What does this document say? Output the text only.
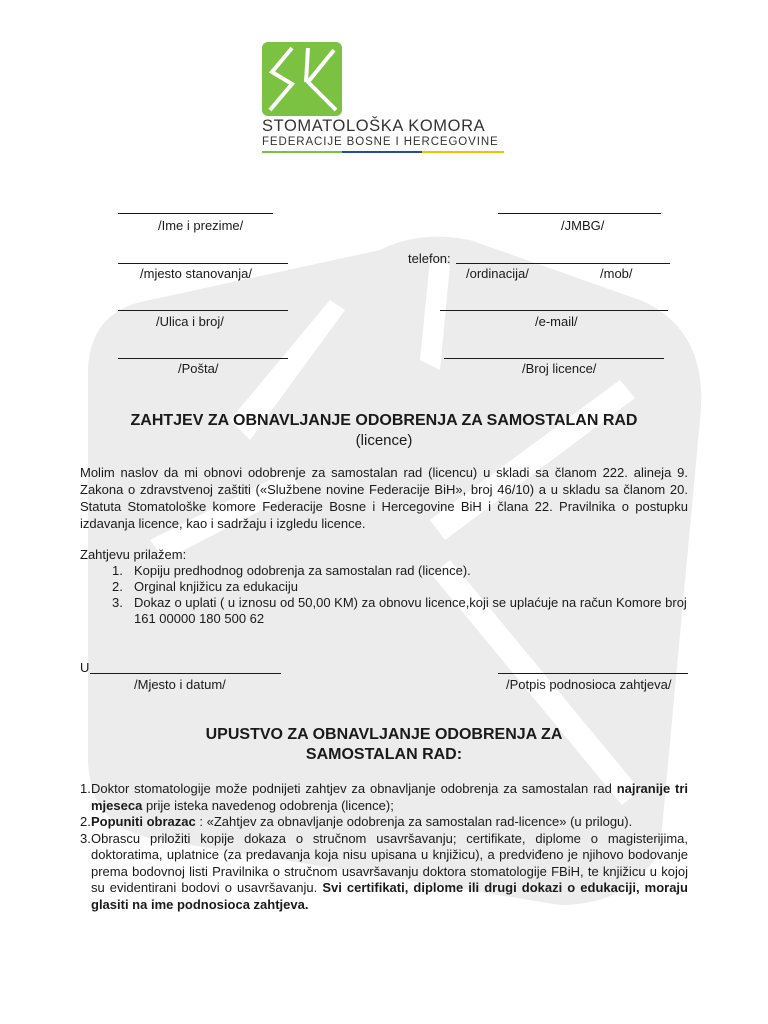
STOMATOLOŠKA KOMORA
FEDERACIJE BOSNE I HERCEGOVINE
/Ime i prezime/	/JMBG/
/mjesto stanovanja/
telefon:
/ordinacija/	/mob/
/Ulica i broj/	/e-mail/
/Pošta/	/Broj licence/
ZAHTJEV ZA OBNAVLJANJE ODOBRENJA ZA SAMOSTALAN RAD
(licence)
Molim naslov da mi obnovi odobrenje za samostalan rad (licencu) u skladi sa članom 222. alineja 9. Zakona o zdravstvenoj zaštiti («Službene novine Federacije BiH», broj 46/10) a u skladu sa članom 20. Statuta Stomatološke komore Federacije Bosne i Hercegovine BiH i člana 22. Pravilnika o postupku izdavanja licence, kao i sadržaju i izgledu licence.
Zahtjevu prilažem:
1. Kopiju predhodnog odobrenja za samostalan rad (licence).
2. Orginal knjižicu za edukaciju
3. Dokaz o uplati ( u iznosu od 50,00 KM) za obnovu licence,koji se uplaćuje na račun Komore broj 161 00000 180 500 62
U
/Mjesto i datum/	/Potpis podnosioca zahtjeva/
UPUSTVO ZA OBNAVLJANJE ODOBRENJA ZA
SAMOSTALAN RAD:
1. Doktor stomatologije može podnijeti zahtjev za obnavljanje odobrenja za samostalan rad najranije tri mjeseca prije isteka navedenog odobrenja (licence);
2. Popuniti obrazac : «Zahtjev za obnavljanje odobrenja za samostalan rad-licence» (u prilogu).
3. Obrascu priložiti kopije dokaza o stručnom usavršavanju; certifikate, diplome o magisterijima, doktoratima, uplatnice (za predavanja koja nisu upisana u knjižicu), a predviđeno je njihovo bodovanje prema bodovnoj listi Pravilnika o stručnom usavršavanju doktora stomatologije FBiH, te knjižicu u kojoj su evidentirani bodovi o usavršavanju. Svi certifikati, diplome ili drugi dokazi o edukaciji, moraju glasiti na ime podnosioca zahtjeva.
